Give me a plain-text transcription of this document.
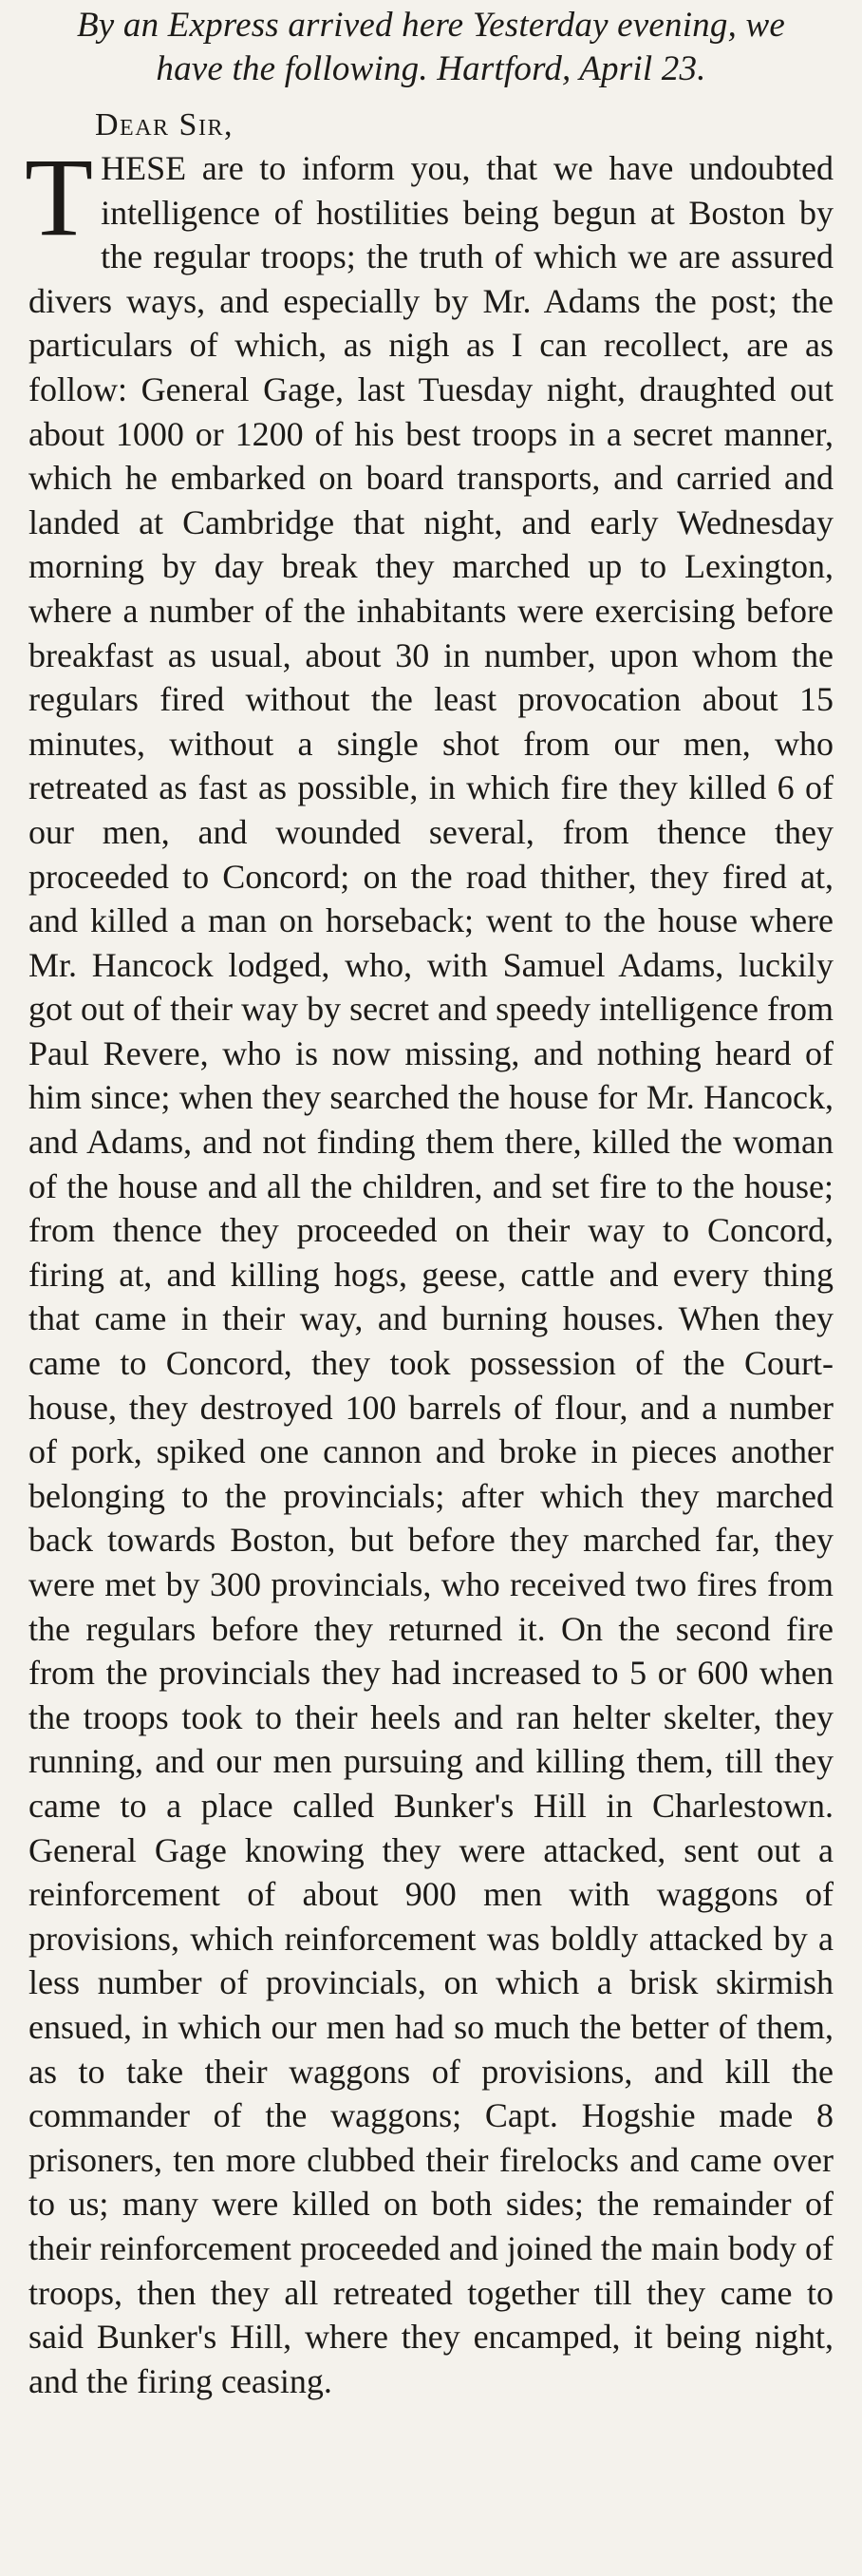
By an Express arrived here Yesterday evening, we
have the following. Hartford, April 23.
Dear Sir,

THESE are to inform you, that we have undoubted intelligence of hostilities being begun at Boston by the regular troops; the truth of which we are assured divers ways, and especially by Mr. Adams the post; the particulars of which, as nigh as I can recollect, are as follow: General Gage, last Tuesday night, draughted out about 1000 or 1200 of his best troops in a secret manner, which he embarked on board transports, and carried and landed at Cambridge that night, and early Wednesday morning by day break they marched up to Lexington, where a number of the inhabitants were exercising before breakfast as usual, about 30 in number, upon whom the regulars fired without the least provocation about 15 minutes, without a single shot from our men, who retreated as fast as possible, in which fire they killed 6 of our men, and wounded several, from thence they proceeded to Concord; on the road thither, they fired at, and killed a man on horseback; went to the house where Mr. Hancock lodged, who, with Samuel Adams, luckily got out of their way by secret and speedy intelligence from Paul Revere, who is now missing, and nothing heard of him since; when they searched the house for Mr. Hancock, and Adams, and not finding them there, killed the woman of the house and all the children, and set fire to the house; from thence they proceeded on their way to Concord, firing at, and killing hogs, geese, cattle and every thing that came in their way, and burning houses. When they came to Concord, they took possession of the Court-house, they destroyed 100 barrels of flour, and a number of pork, spiked one cannon and broke in pieces another belonging to the provincials; after which they marched back towards Boston, but before they marched far, they were met by 300 provincials, who received two fires from the regulars before they returned it. On the second fire from the provincials they had increased to 5 or 600 when the troops took to their heels and ran helter skelter, they running, and our men pursuing and killing them, till they came to a place called Bunker's Hill in Charlestown. General Gage knowing they were attacked, sent out a reinforcement of about 900 men with waggons of provisions, which reinforcement was boldly attacked by a less number of provincials, on which a brisk skirmish ensued, in which our men had so much the better of them, as to take their waggons of provisions, and kill the commander of the waggons; Capt. Hogshie made 8 prisoners, ten more clubbed their firelocks and came over to us; many were killed on both sides; the remainder of their reinforcement proceeded and joined the main body of troops, then they all retreated together till they came to said Bunker's Hill, where they encamped, it being night, and the firing ceasing.
